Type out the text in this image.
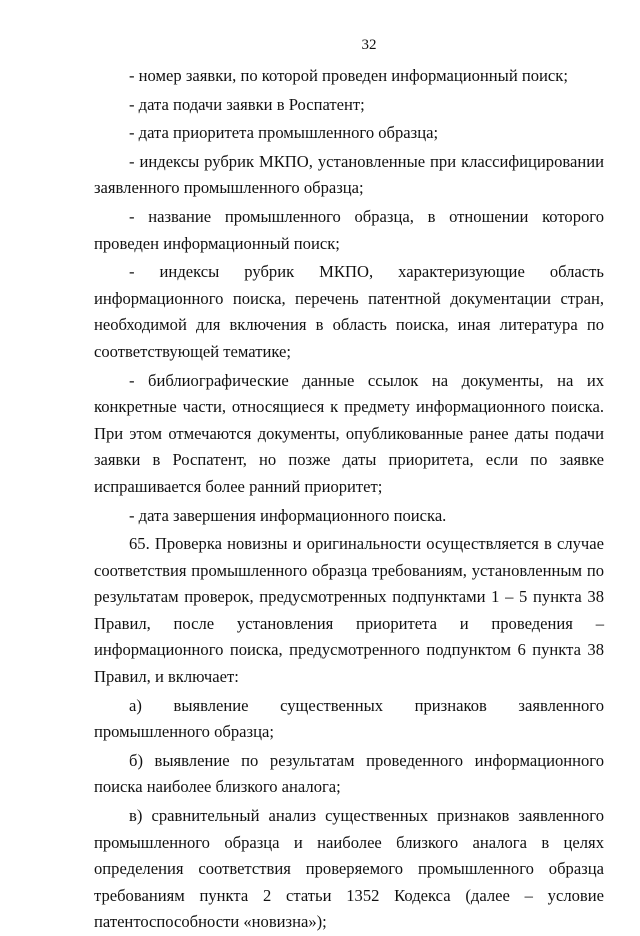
32

- номер заявки, по которой проведен информационный поиск;

- дата подачи заявки в Роспатент;

- дата приоритета промышленного образца;

- индексы рубрик МКПО, установленные при классифицировании заявленного промышленного образца;

- название промышленного образца, в отношении которого проведен информационный поиск;

- индексы рубрик МКПО, характеризующие область информационного поиска, перечень патентной документации стран, необходимой для включения в область поиска, иная литература по соответствующей тематике;

- библиографические данные ссылок на документы, на их конкретные части, относящиеся к предмету информационного поиска. При этом отмечаются документы, опубликованные ранее даты подачи заявки в Роспатент, но позже даты приоритета, если по заявке испрашивается более ранний приоритет;

- дата завершения информационного поиска.

65. Проверка новизны и оригинальности осуществляется в случае соответствия промышленного образца требованиям, установленным по результатам проверок, предусмотренных подпунктами 1 – 5 пункта 38 Правил, после установления приоритета и проведения – информационного поиска, предусмотренного подпунктом 6 пункта 38 Правил, и включает:

а) выявление существенных признаков заявленного промышленного образца;

б) выявление по результатам проведенного информационного поиска наиболее близкого аналога;

в) сравнительный анализ существенных признаков заявленного промышленного образца и наиболее близкого аналога в целях определения соответствия проверяемого промышленного образца требованиям пункта 2 статьи 1352 Кодекса (далее – условие патентоспособности «новизна»);
